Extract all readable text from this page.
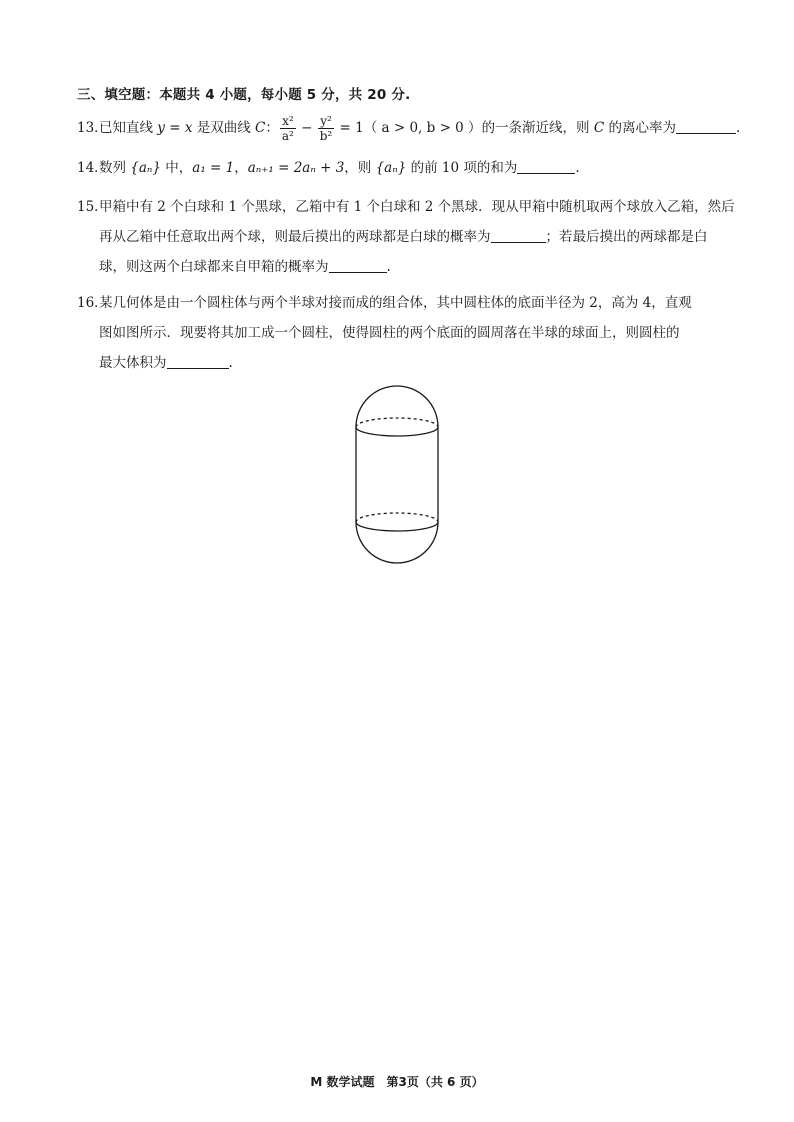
三、填空题：本题共 4 小题，每小题 5 分，共 20 分.
13．已知直线 y = x 是双曲线 C： $\frac{\text{x²}}{\text{a²}} - \frac{\text{y²}}{\text{b²}} = 1$（ a > 0, b > 0 ）的一条渐近线，则 C 的离心率为	.
14．数列 {aₙ} 中，a₁ = 1，aₙ₊₁ = 2aₙ + 3，则 {aₙ} 的前 10 项的和为	.
15．甲箱中有 2 个白球和 1 个黑球，乙箱中有 1 个白球和 2 个黑球．现从甲箱中随机取两个球放入乙箱，然后
再从乙箱中任意取出两个球，则最后摸出的两球都是白球的概率为	；若最后摸出的两球都是白
球，则这两个白球都来自甲箱的概率为	.
16．某几何体是由一个圆柱体与两个半球对接而成的组合体，其中圆柱体的底面半径为 2，高为 4，直观
图如图所示．现要将其加工成一个圆柱，使得圆柱的两个底面的圆周落在半球的球面上，则圆柱的
最大体积为	.
M 数学试题　第3页（共 6 页）
